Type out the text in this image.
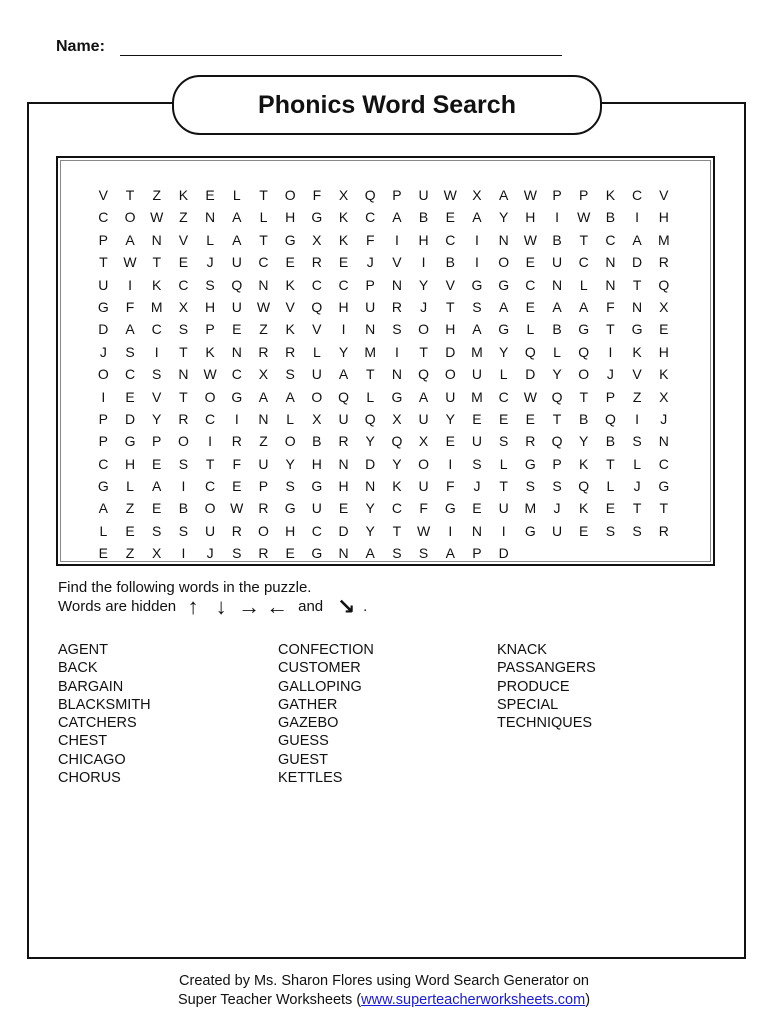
Name:
Phonics Word Search
V	T	Z	K	E	L	T	O	F	X	Q	P	U	W	X	A	W	P	P	K	C	V
C	O	W	Z	N	A	L	H	G	K	C	A	B	E	A	Y	H	I	W	B	I	H
P	A	N	V	L	A	T	G	X	K	F	I	H	C	I	N	W	B	T	C	A	M
T	W	T	E	J	U	C	E	R	E	J	V	I	B	I	O	E	U	C	N	D	R
U	I	K	C	S	Q	N	K	C	C	P	N	Y	V	G	G	C	N	L	N	T	Q
G	F	M	X	H	U	W	V	Q	H	U	R	J	T	S	A	E	A	A	F	N	X
D	A	C	S	P	E	Z	K	V	I	N	S	O	H	A	G	L	B	G	T	G	E
J	S	I	T	K	N	R	R	L	Y	M	I	T	D	M	Y	Q	L	Q	I	K	H
O	C	S	N	W	C	X	S	U	A	T	N	Q	O	U	L	D	Y	O	J	V	K
I	E	V	T	O	G	A	A	O	Q	L	G	A	U	M	C	W	Q	T	P	Z	X
P	D	Y	R	C	I	N	L	X	U	Q	X	U	Y	E	E	E	T	B	Q	I	J
P	G	P	O	I	R	Z	O	B	R	Y	Q	X	E	U	S	R	Q	Y	B	S	N
C	H	E	S	T	F	U	Y	H	N	D	Y	O	I	S	L	G	P	K	T	L	C
G	L	A	I	C	E	P	S	G	H	N	K	U	F	J	T	S	S	Q	L	J	G
A	Z	E	B	O	W	R	G	U	E	Y	C	F	G	E	U	M	J	K	E	T	T
L	E	S	S	U	R	O	H	C	D	Y	T	W	I	N	I	G	U	E	S	S	R
E	Z	X	I	J	S	R	E	G	N	A	S	S	A	P	D
Find the following words in the puzzle.
Words are hidden ↑ ↓ → ← and ↘ .
AGENT
BACK
BARGAIN
BLACKSMITH
CATCHERS
CHEST
CHICAGO
CHORUS
CONFECTION
CUSTOMER
GALLOPING
GATHER
GAZEBO
GUESS
GUEST
KETTLES
KNACK
PASSANGERS
PRODUCE
SPECIAL
TECHNIQUES
Created by Ms. Sharon Flores using Word Search Generator on
Super Teacher Worksheets (www.superteacherworksheets.com)
